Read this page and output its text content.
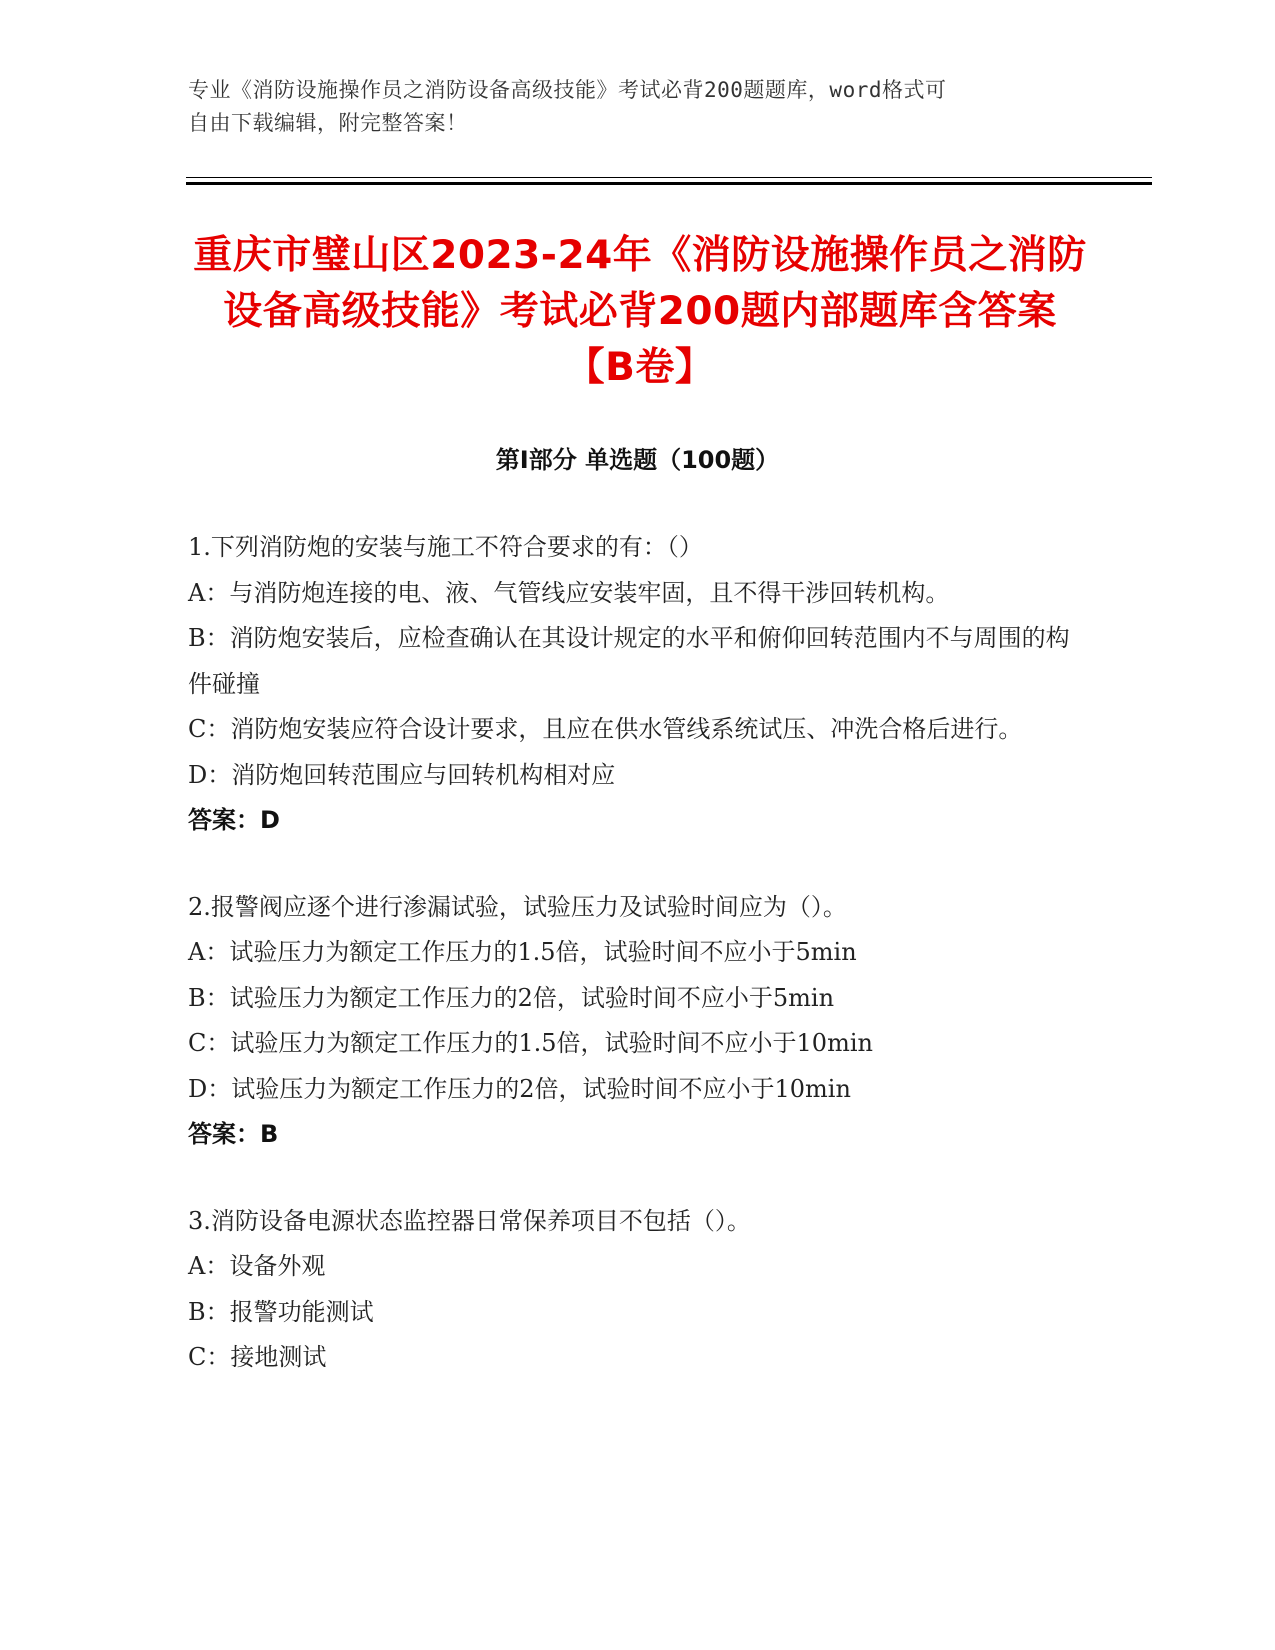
专业《消防设施操作员之消防设备高级技能》考试必背200题题库，word格式可
自由下载编辑，附完整答案！
重庆市璧山区2023-24年《消防设施操作员之消防设备高级技能》考试必背200题内部题库含答案【B卷】
第Ⅰ部分 单选题（100题）
1.下列消防炮的安装与施工不符合要求的有：（）
A：与消防炮连接的电、液、气管线应安装牢固，且不得干涉回转机构。
B：消防炮安装后，应检查确认在其设计规定的水平和俯仰回转范围内不与周围的构件碰撞
C：消防炮安装应符合设计要求，且应在供水管线系统试压、冲洗合格后进行。
D：消防炮回转范围应与回转机构相对应
答案：D
2.报警阀应逐个进行渗漏试验，试验压力及试验时间应为（）。
A：试验压力为额定工作压力的1.5倍，试验时间不应小于5min
B：试验压力为额定工作压力的2倍，试验时间不应小于5min
C：试验压力为额定工作压力的1.5倍，试验时间不应小于10min
D：试验压力为额定工作压力的2倍，试验时间不应小于10min
答案：B
3.消防设备电源状态监控器日常保养项目不包括（）。
A：设备外观
B：报警功能测试
C：接地测试
